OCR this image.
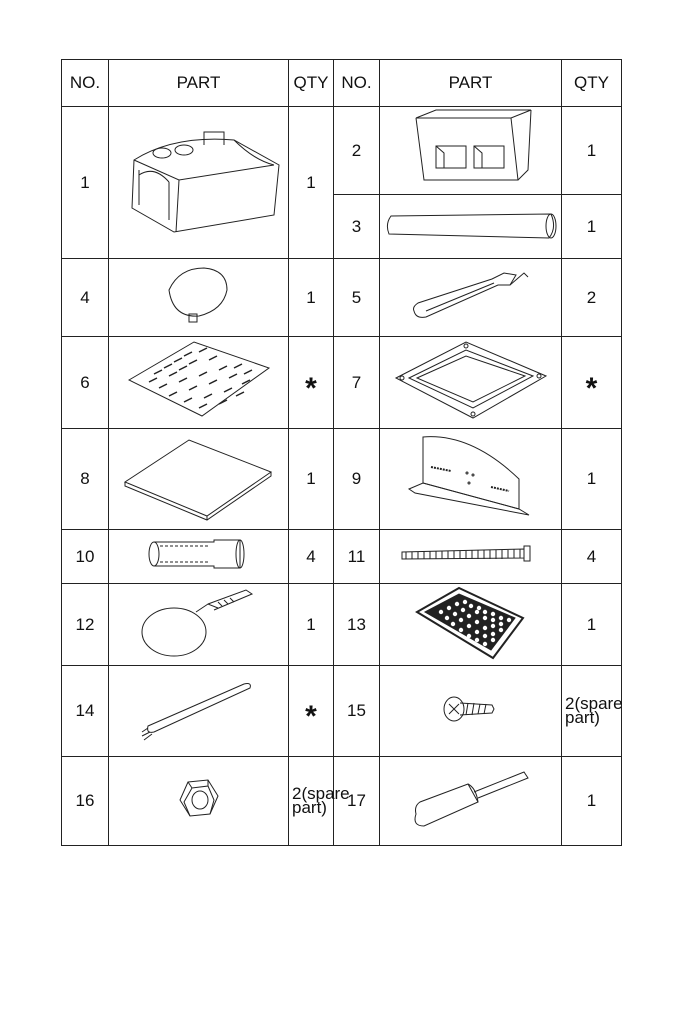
NO.	PART	QTY	NO.	PART	QTY
1		1	2		1
			3		1
4		1	5		2
6		*	7		*
8		1	9		1
10		4	11		4
12		1	13		1
14		*	15		2(spare part)
16		2(spare part)	17		1
